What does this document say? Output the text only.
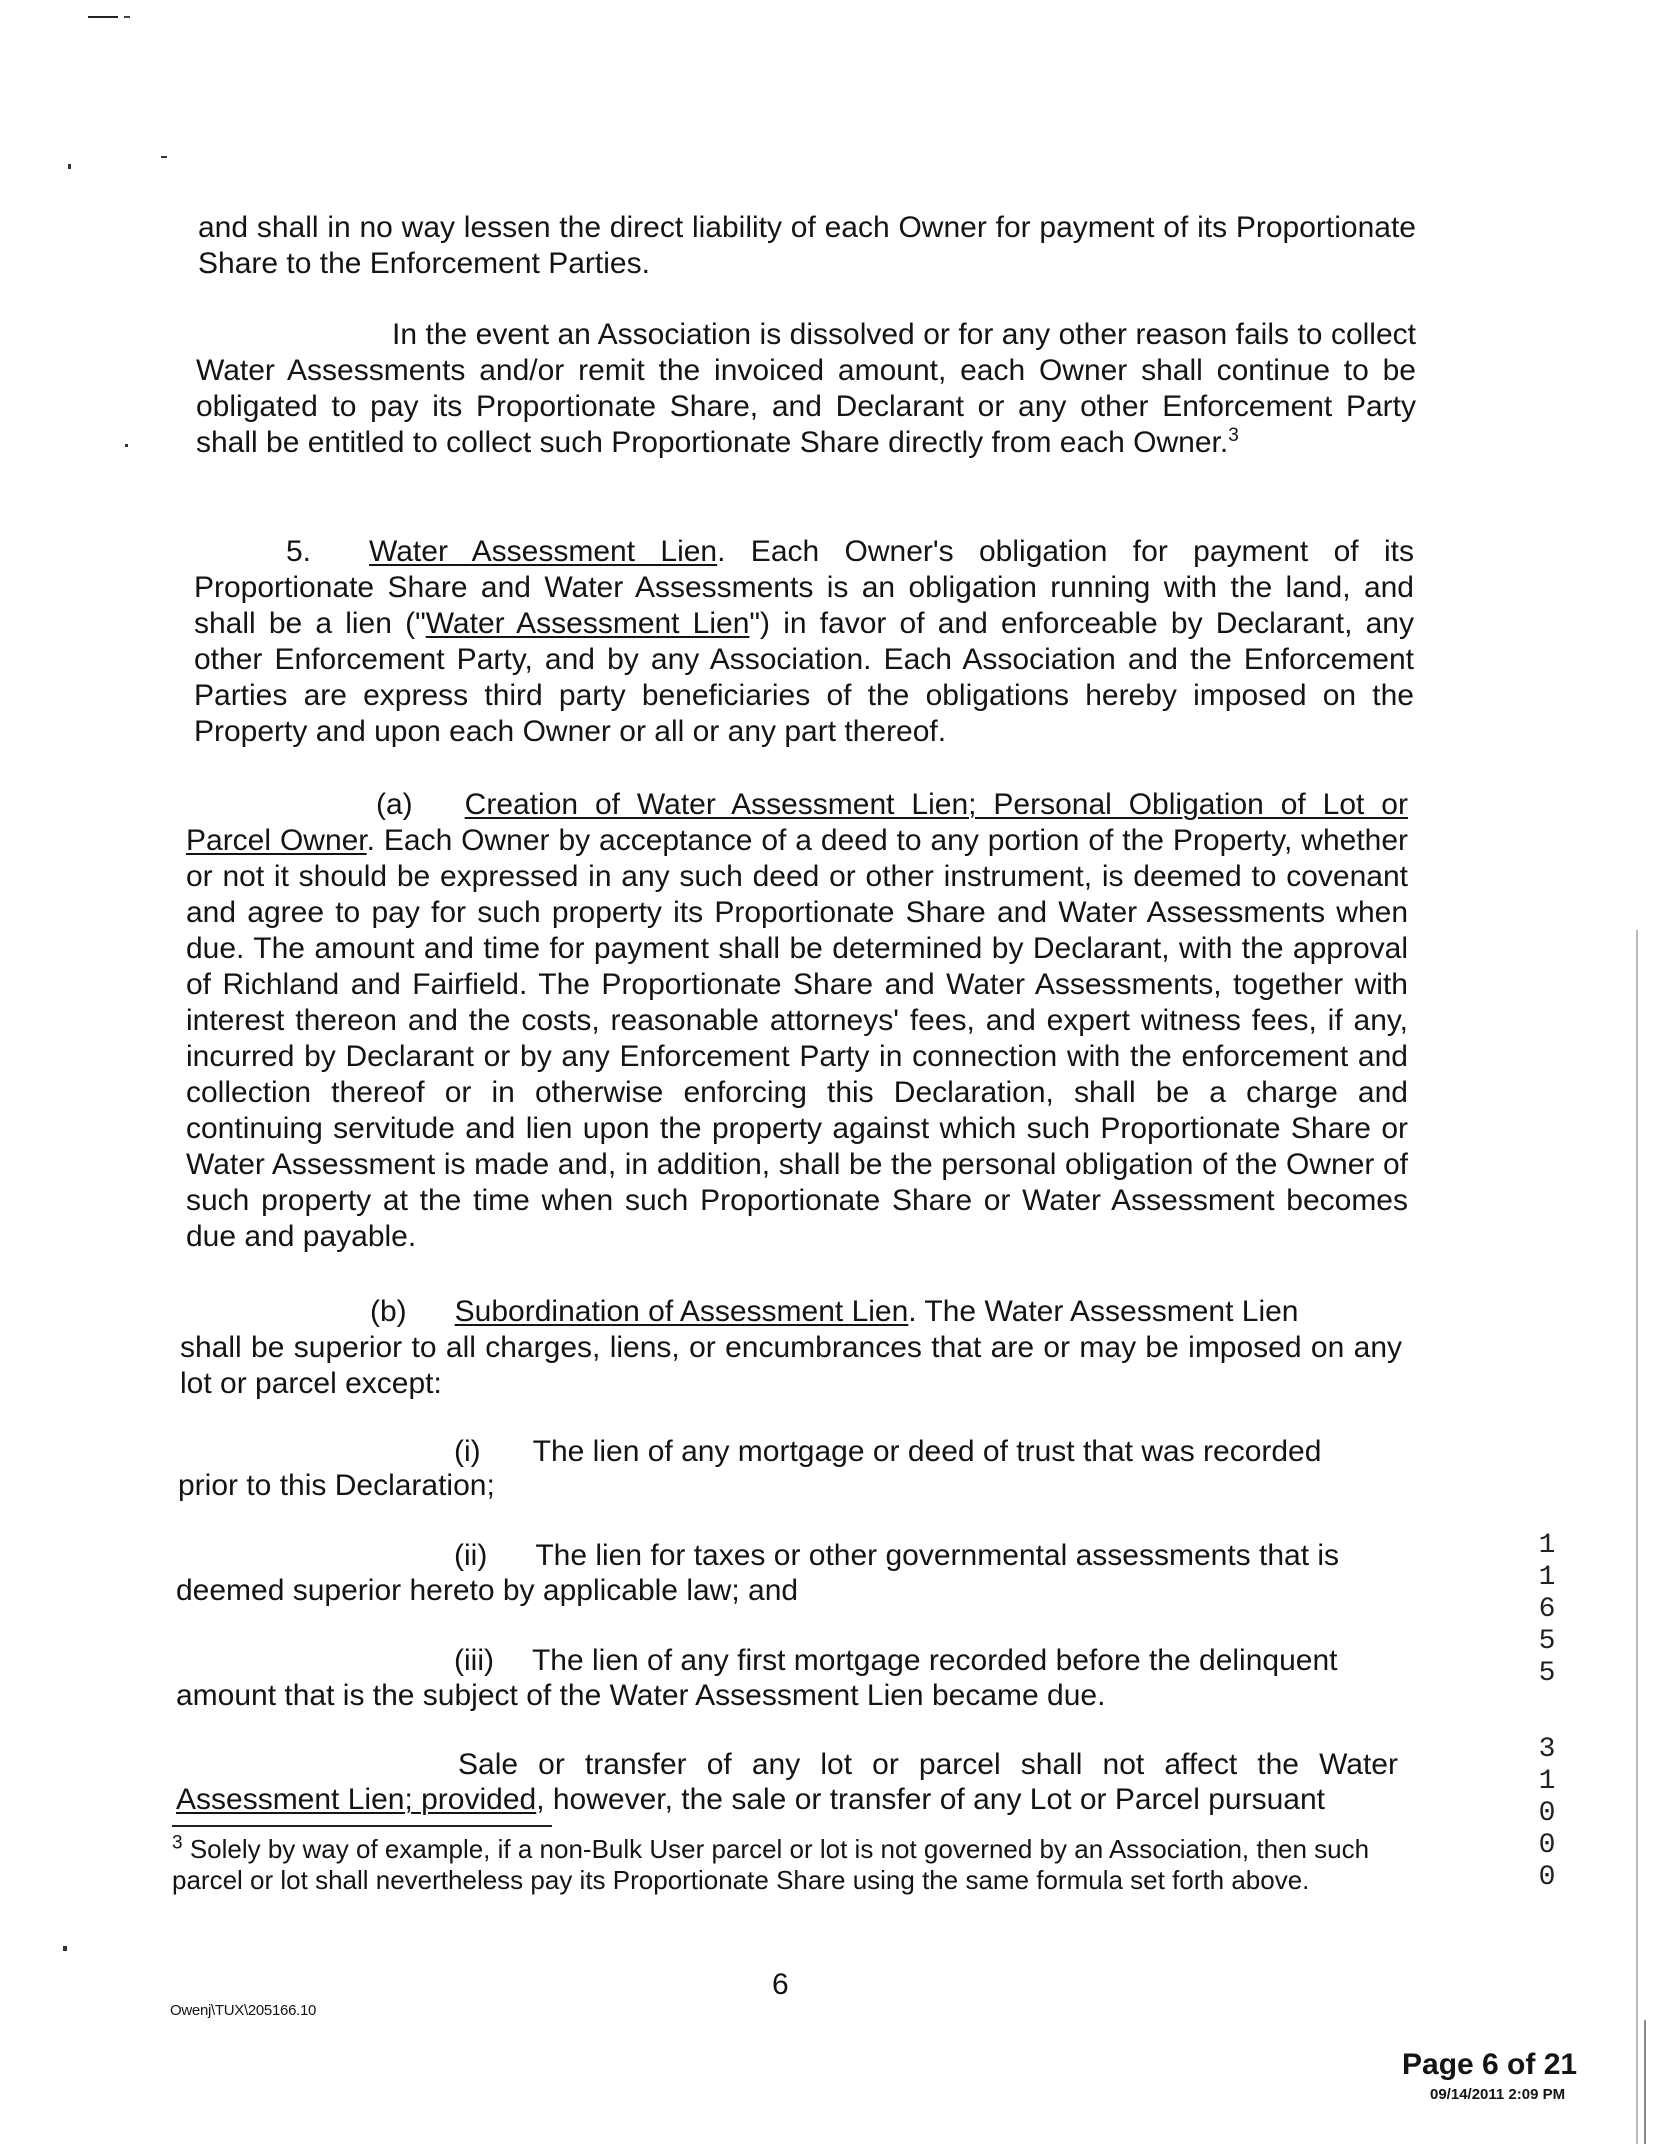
and shall in no way lessen the direct liability of each Owner for payment of its Proportionate Share to the Enforcement Parties.

In the event an Association is dissolved or for any other reason fails to collect Water Assessments and/or remit the invoiced amount, each Owner shall continue to be obligated to pay its Proportionate Share, and Declarant or any other Enforcement Party shall be entitled to collect such Proportionate Share directly from each Owner.$^3$

5. Water Assessment Lien. Each Owner's obligation for payment of its Proportionate Share and Water Assessments is an obligation running with the land, and shall be a lien ("Water Assessment Lien") in favor of and enforceable by Declarant, any other Enforcement Party, and by any Association. Each Association and the Enforcement Parties are express third party beneficiaries of the obligations hereby imposed on the Property and upon each Owner or all or any part thereof.

(a) Creation of Water Assessment Lien; Personal Obligation of Lot or Parcel Owner. Each Owner by acceptance of a deed to any portion of the Property, whether or not it should be expressed in any such deed or other instrument, is deemed to covenant and agree to pay for such property its Proportionate Share and Water Assessments when due. The amount and time for payment shall be determined by Declarant, with the approval of Richland and Fairfield. The Proportionate Share and Water Assessments, together with interest thereon and the costs, reasonable attorneys' fees, and expert witness fees, if any, incurred by Declarant or by any Enforcement Party in connection with the enforcement and collection thereof or in otherwise enforcing this Declaration, shall be a charge and continuing servitude and lien upon the property against which such Proportionate Share or Water Assessment is made and, in addition, shall be the personal obligation of the Owner of such property at the time when such Proportionate Share or Water Assessment becomes due and payable.

(b) Subordination of Assessment Lien. The Water Assessment Lien

shall be superior to all charges, liens, or encumbrances that are or may be imposed on any lot or parcel except:

(i) The lien of any mortgage or deed of trust that was recorded
prior to this Declaration;
(ii) The lien for taxes or other governmental assessments that is
deemed superior hereto by applicable law; and
(iii) The lien of any first mortgage recorded before the delinquent
amount that is the subject of the Water Assessment Lien became due.
Sale or transfer of any lot or parcel shall not affect the Water
Assessment Lien; provided, however, the sale or transfer of any Lot or Parcel pursuant

$^3$ Solely by way of example, if a non-Bulk User parcel or lot is not governed by an Association, then such parcel or lot shall nevertheless pay its Proportionate Share using the same formula set forth above.

6
Owenj\TUX\205166.10
Page 6 of 21
09/14/2011 2:09 PM
1
1
6
5
5
3
1
0
0
0
